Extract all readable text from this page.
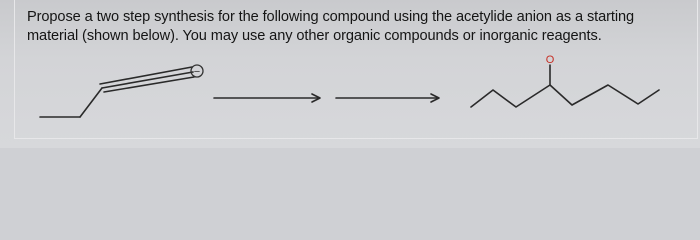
Propose a two step synthesis for the following compound using the acetylide anion as a starting
material (shown below). You may use any other organic compounds or inorganic reagents.
−
O
